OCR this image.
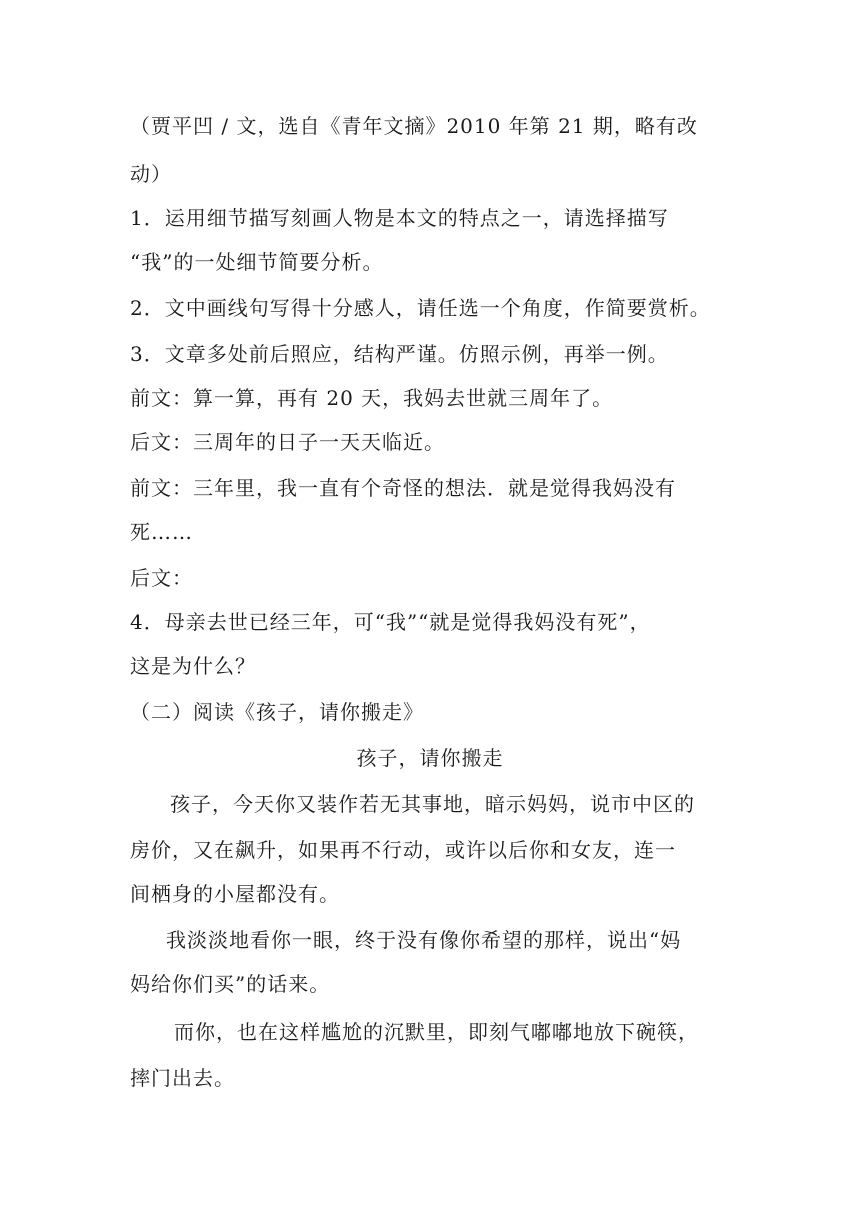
（贾平凹 / 文，选自《青年文摘》2010 年第 21 期，略有改
动）
1．运用细节描写刻画人物是本文的特点之一，请选择描写
“我”的一处细节简要分析。
2．文中画线句写得十分感人，请任选一个角度，作简要赏析。
3．文章多处前后照应，结构严谨。仿照示例，再举一例。
前文：算一算，再有 20 天，我妈去世就三周年了。
后文：三周年的日子一天天临近。
前文：三年里，我一直有个奇怪的想法．就是觉得我妈没有
死……
后文：
4．母亲去世已经三年，可“我”“就是觉得我妈没有死”，
这是为什么？
（二）阅读《孩子，请你搬走》
孩子，请你搬走
孩子，今天你又装作若无其事地，暗示妈妈，说市中区的
房价，又在飙升，如果再不行动，或许以后你和女友，连一
间栖身的小屋都没有。
我淡淡地看你一眼，终于没有像你希望的那样，说出“妈
妈给你们买”的话来。
而你，也在这样尴尬的沉默里，即刻气嘟嘟地放下碗筷，
摔门出去。
